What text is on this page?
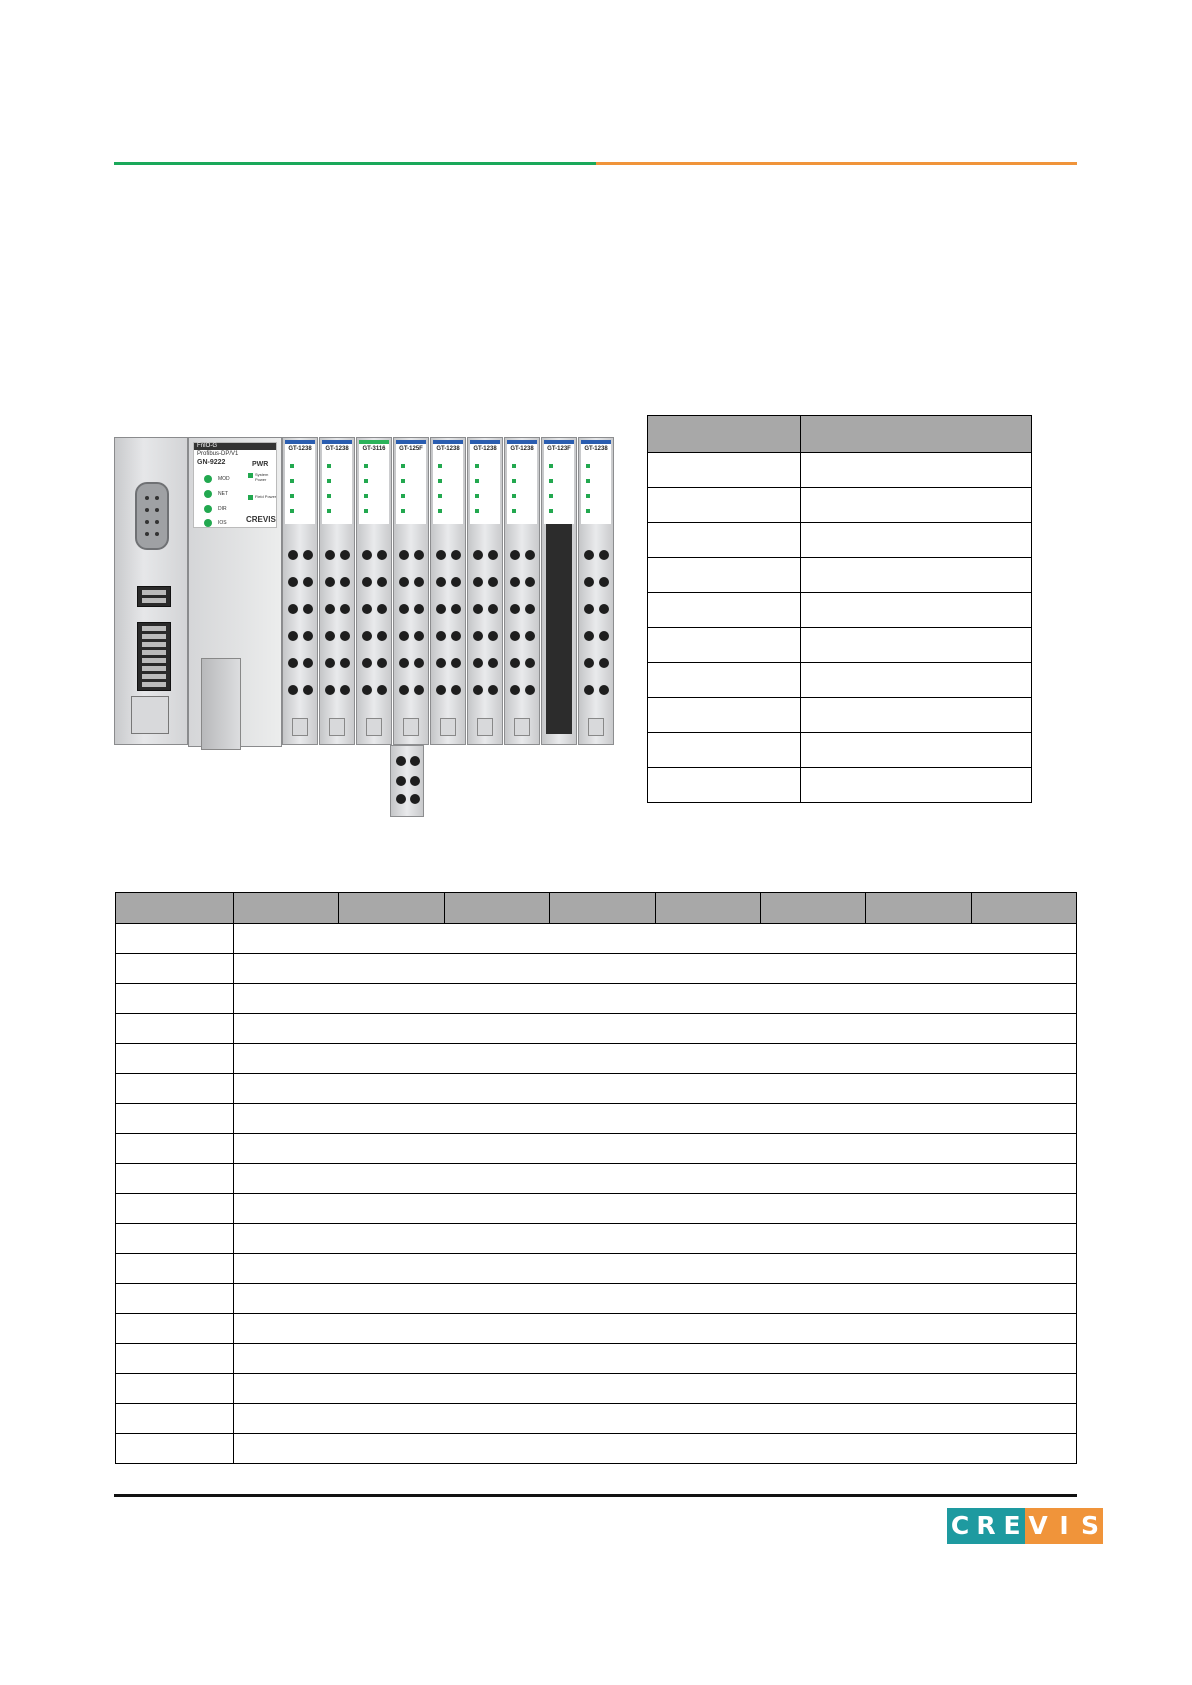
FnIO-G
Profibus-DP/V1
GN-9222
MOD
NET
DIR
IOS
PWR
System Power
Field Power
CREVIS
GT-1238	GT-1238	GT-3116	GT-125F	GT-1238	GT-1238	GT-1238	GT-123F	GT-1238

C R E V I S
